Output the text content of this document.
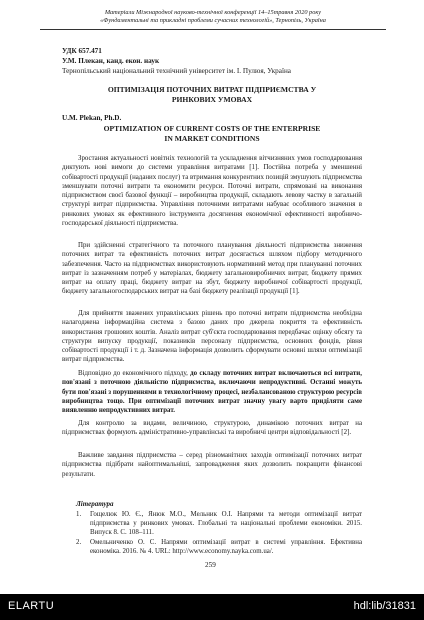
Матеріали Міжнародної науково-технічної конференції 14–15травня 2020 року
«Фундаментальні та прикладні проблеми сучасних технологій», Тернопіль, Україна
УДК 657.471
У.М. Плекан, канд. екон. наук
Тернопільський національний технічний університет ім. І. Пулюя, Україна
ОПТИМІЗАЦІЯ ПОТОЧНИХ ВИТРАТ ПІДПРИЄМСТВА У
РИНКОВИХ УМОВАХ
U.M. Plekan, Ph.D.
OPTIMIZATION OF CURRENT COSTS OF THE ENTERPRISE
IN MARKET CONDITIONS

Зростання актуальності новітніх технологій та ускладнення вітчизняних умов господарювання диктують нові вимоги до системи управління витратами [1]. Постійна потреба у зменшенні собівартості продукції (наданих послуг) та втримання конкурентних позицій змушують підприємства зменшувати поточні витрати та економити ресурси. Поточні витрати, спрямовані на виконання підприємством своєї базової функції – виробництва продукції, складають левову частку в загальній структурі витрат підприємства. Управління поточними витратами набуває особливого значення в ринкових умовах як ефективного інструмента досягнення економічної ефективності виробничо-господарської діяльності підприємства.

При здійсненні стратегічного та поточного планування діяльності підприємства зниження поточних витрат та ефективність поточних витрат досягається шляхом підбору методичного забезпечення. Часто на підприємствах використовують нормативний метод при плануванні поточних витрат із зазначенням потреб у матеріалах, бюджету загальновиробничих витрат, бюджету прямих витрат на оплату праці, бюджету витрат на збут, бюджету виробничої собівартості продукції, бюджету загальногосподарських витрат на базі бюджету реалізації продукції [1].

Для прийняття зважених управлінських рішень про поточні витрати підприємства необхідна налагоджена інформаційна система з базою даних про джерела покриття та ефективність використання грошових коштів. Аналіз витрат суб'єкта господарювання передбачає оцінку обсягу та структури випуску продукції, показників персоналу підприємства, основних фондів, рівня собівартості продукції і т. д. Зазначена інформація дозволить сформувати основні шляхи оптимізації витрат підприємства.

Відповідно до економічного підходу, до складу поточних витрат включаються всі витрати, пов'язані з поточною діяльністю підприємства, включаючи непродуктивні. Останні можуть бути пов'язані з порушеннями в технологічному процесі, незбалансованою структурою ресурсів виробництва тощо. При оптимізації поточних витрат значну увагу варто приділяти саме виявленню непродуктивних витрат.

Для контролю за видами, величиною, структурою, динамікою поточних витрат на підприємствах формують адміністративно-управлінські та виробничі центри відповідальності [2].

Важливе завдання підприємства – серед різноманітних заходів оптимізації поточних витрат підприємства підібрати найоптимальніші, запровадження яких дозволить покращити фінансові результати.

Література
1. Гощелюк Ю. Є., Янюк М.О., Мельник О.І. Напрями та методи оптимізації витрат підприємства у ринкових умовах. Глобальні та національні проблеми економіки. 2015. Випуск 8. С. 108–111.
2. Омельниченко О. С. Напрями оптимізації витрат в системі управління. Ефективна економіка. 2016. № 4. URL: http://www.economy.nayka.com.ua/.
259
ELARTU	hdl:lib/31831
